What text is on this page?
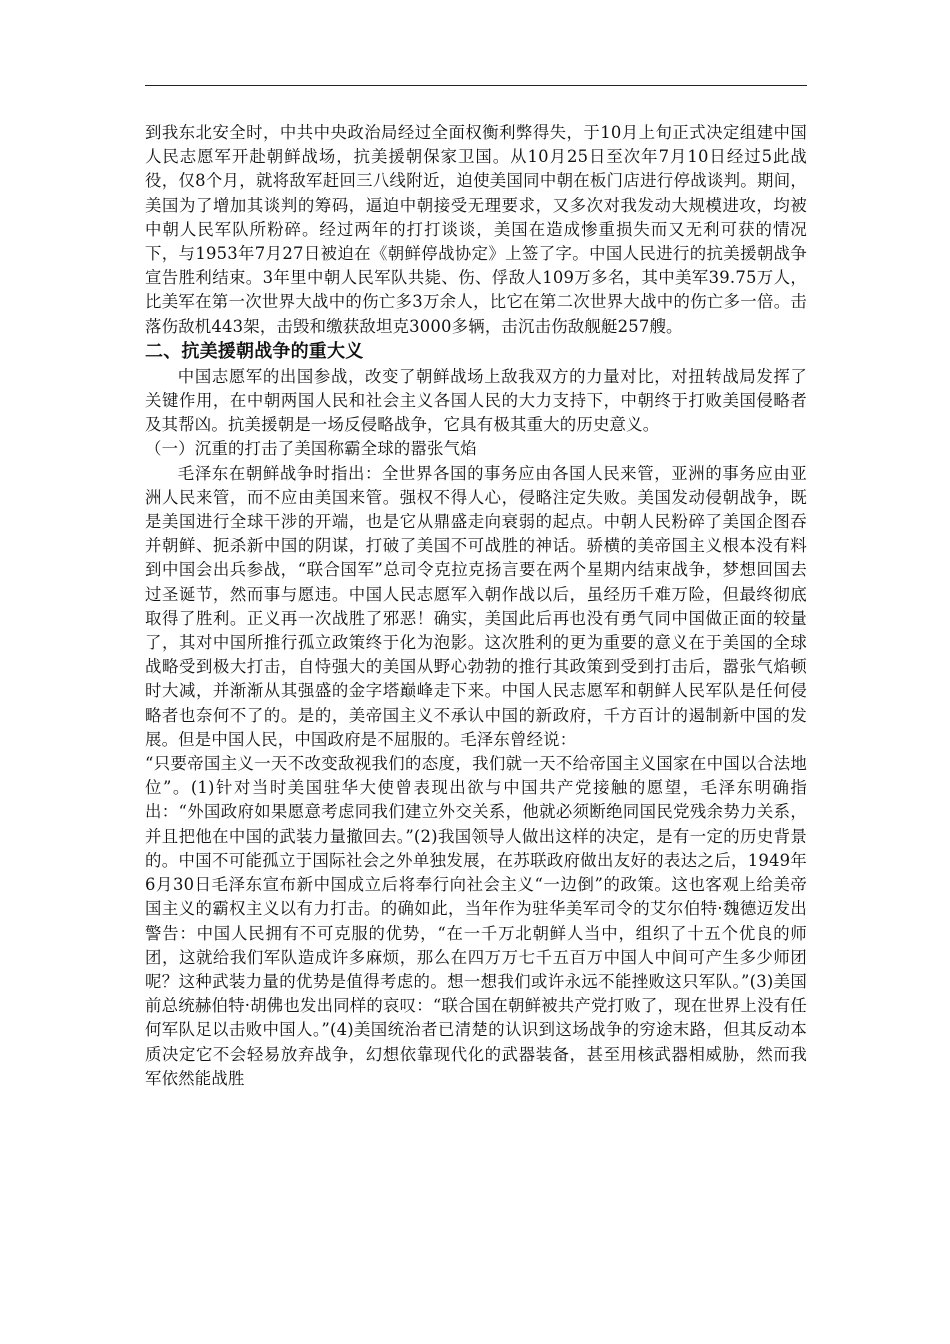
到我东北安全时，中共中央政治局经过全面权衡利弊得失，于10月上旬正式决定组建中国人民志愿军开赴朝鲜战场，抗美援朝保家卫国。从10月25日至次年7月10日经过5此战役，仅8个月，就将敌军赶回三八线附近，迫使美国同中朝在板门店进行停战谈判。期间，美国为了增加其谈判的筹码，逼迫中朝接受无理要求，又多次对我发动大规模进攻，均被中朝人民军队所粉碎。经过两年的打打谈谈，美国在造成惨重损失而又无利可获的情况下，与1953年7月27日被迫在《朝鲜停战协定》上签了字。中国人民进行的抗美援朝战争宣告胜利结束。3年里中朝人民军队共毙、伤、俘敌人109万多名，其中美军39.75万人，比美军在第一次世界大战中的伤亡多3万余人，比它在第二次世界大战中的伤亡多一倍。击落伤敌机443架，击毁和缴获敌坦克3000多辆，击沉击伤敌舰艇257艘。

二、抗美援朝战争的重大义

中国志愿军的出国参战，改变了朝鲜战场上敌我双方的力量对比，对扭转战局发挥了关键作用，在中朝两国人民和社会主义各国人民的大力支持下，中朝终于打败美国侵略者及其帮凶。抗美援朝是一场反侵略战争，它具有极其重大的历史意义。

（一）沉重的打击了美国称霸全球的嚣张气焰

毛泽东在朝鲜战争时指出：全世界各国的事务应由各国人民来管，亚洲的事务应由亚洲人民来管，而不应由美国来管。强权不得人心，侵略注定失败。美国发动侵朝战争，既是美国进行全球干涉的开端，也是它从鼎盛走向衰弱的起点。中朝人民粉碎了美国企图吞并朝鲜、扼杀新中国的阴谋，打破了美国不可战胜的神话。骄横的美帝国主义根本没有料到中国会出兵参战，“联合国军”总司令克拉克扬言要在两个星期内结束战争，梦想回国去过圣诞节，然而事与愿违。中国人民志愿军入朝作战以后，虽经历千难万险，但最终彻底取得了胜利。正义再一次战胜了邪恶！确实，美国此后再也没有勇气同中国做正面的较量了，其对中国所推行孤立政策终于化为泡影。这次胜利的更为重要的意义在于美国的全球战略受到极大打击，自恃强大的美国从野心勃勃的推行其政策到受到打击后，嚣张气焰顿时大减，并渐渐从其强盛的金字塔巅峰走下来。中国人民志愿军和朝鲜人民军队是任何侵略者也奈何不了的。是的，美帝国主义不承认中国的新政府，千方百计的遏制新中国的发展。但是中国人民，中国政府是不屈服的。毛泽东曾经说：

“只要帝国主义一天不改变敌视我们的态度，我们就一天不给帝国主义国家在中国以合法地位”。(1)针对当时美国驻华大使曾表现出欲与中国共产党接触的愿望，毛泽东明确指出：“外国政府如果愿意考虑同我们建立外交关系，他就必须断绝同国民党残余势力关系，并且把他在中国的武装力量撤回去。”(2)我国领导人做出这样的决定，是有一定的历史背景的。中国不可能孤立于国际社会之外单独发展，在苏联政府做出友好的表达之后，1949年6月30日毛泽东宣布新中国成立后将奉行向社会主义“一边倒”的政策。这也客观上给美帝国主义的霸权主义以有力打击。的确如此，当年作为驻华美军司令的艾尔伯特·魏德迈发出警告：中国人民拥有不可克服的优势，“在一千万北朝鲜人当中，组织了十五个优良的师团，这就给我们军队造成许多麻烦，那么在四万万七千五百万中国人中间可产生多少师团呢？这种武装力量的优势是值得考虑的。想一想我们或许永远不能挫败这只军队。”(3)美国前总统赫伯特·胡佛也发出同样的哀叹：“联合国在朝鲜被共产党打败了，现在世界上没有任何军队足以击败中国人。”(4)美国统治者已清楚的认识到这场战争的穷途末路，但其反动本质决定它不会轻易放弃战争，幻想依靠现代化的武器装备，甚至用核武器相威胁，然而我军依然能战胜
